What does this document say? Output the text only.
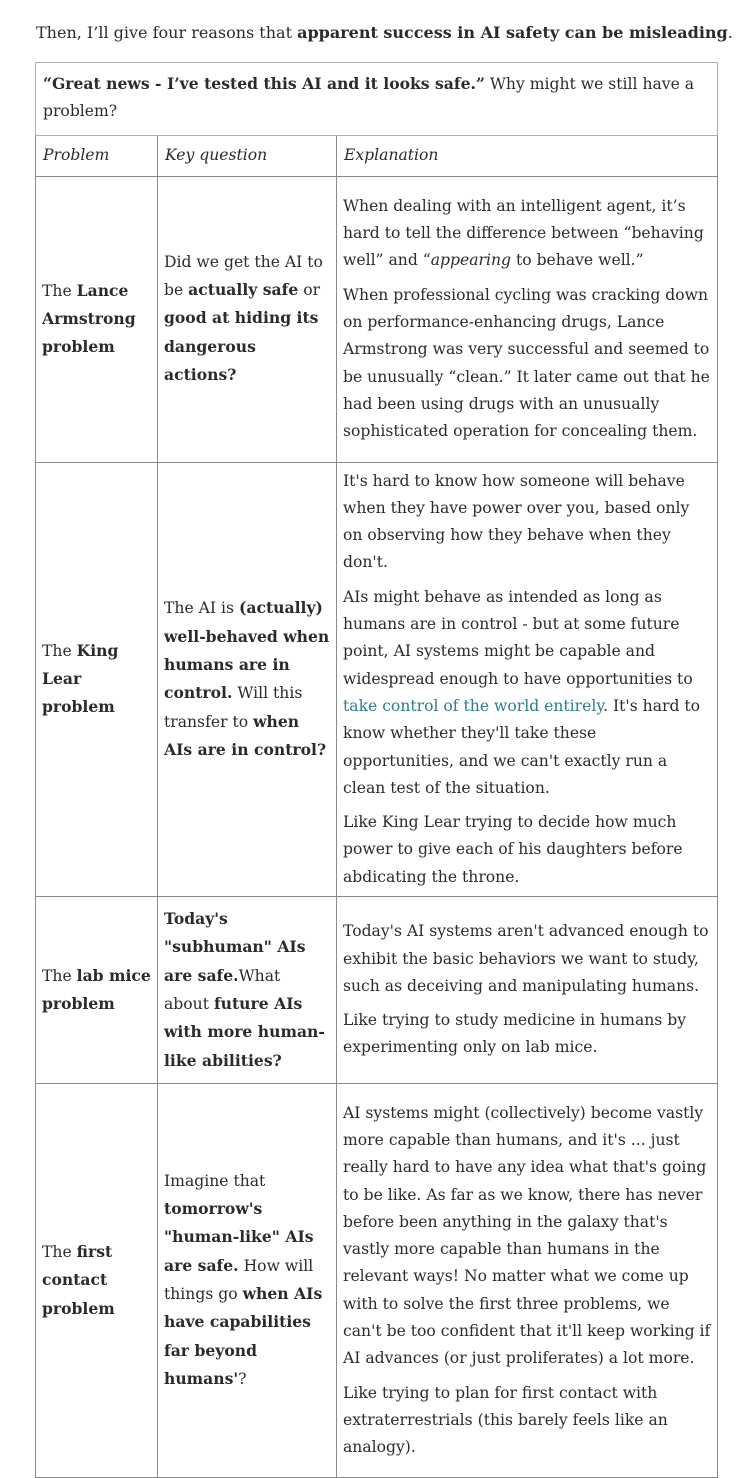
Then, I’ll give four reasons that apparent success in AI safety can be misleading.

“Great news - I’ve tested this AI and it looks safe.” Why might we still have a problem?		
Problem	Key question	Explanation
The Lance Armstrong problem	Did we get the AI to be actually safe or good at hiding its dangerous actions?	When dealing with an intelligent agent, it’s hard to tell the difference between “behaving well” and “appearing to behave well.”

When professional cycling was cracking down on performance-enhancing drugs, Lance Armstrong was very successful and seemed to be unusually “clean.” It later came out that he had been using drugs with an unusually sophisticated operation for concealing them.

The King Lear problem	The AI is (actually) well-behaved when humans are in control. Will this transfer to when AIs are in control?	It's hard to know how someone will behave when they have power over you, based only on observing how they behave when they don't.

AIs might behave as intended as long as humans are in control - but at some future point, AI systems might be capable and widespread enough to have opportunities to take control of the world entirely. It's hard to know whether they'll take these opportunities, and we can't exactly run a clean test of the situation.

Like King Lear trying to decide how much power to give each of his daughters before abdicating the throne.

The lab mice problem	Today's "subhuman" AIs are safe.What about future AIs with more human-like abilities?	Today's AI systems aren't advanced enough to exhibit the basic behaviors we want to study, such as deceiving and manipulating humans.

Like trying to study medicine in humans by experimenting only on lab mice.

The first contact problem	Imagine that tomorrow's "human-like" AIs are safe. How will things go when AIs have capabilities far beyond humans'?	AI systems might (collectively) become vastly more capable than humans, and it's ... just really hard to have any idea what that's going to be like. As far as we know, there has never before been anything in the galaxy that's vastly more capable than humans in the relevant ways! No matter what we come up with to solve the first three problems, we can't be too confident that it'll keep working if AI advances (or just proliferates) a lot more.

Like trying to plan for first contact with extraterrestrials (this barely feels like an analogy).
